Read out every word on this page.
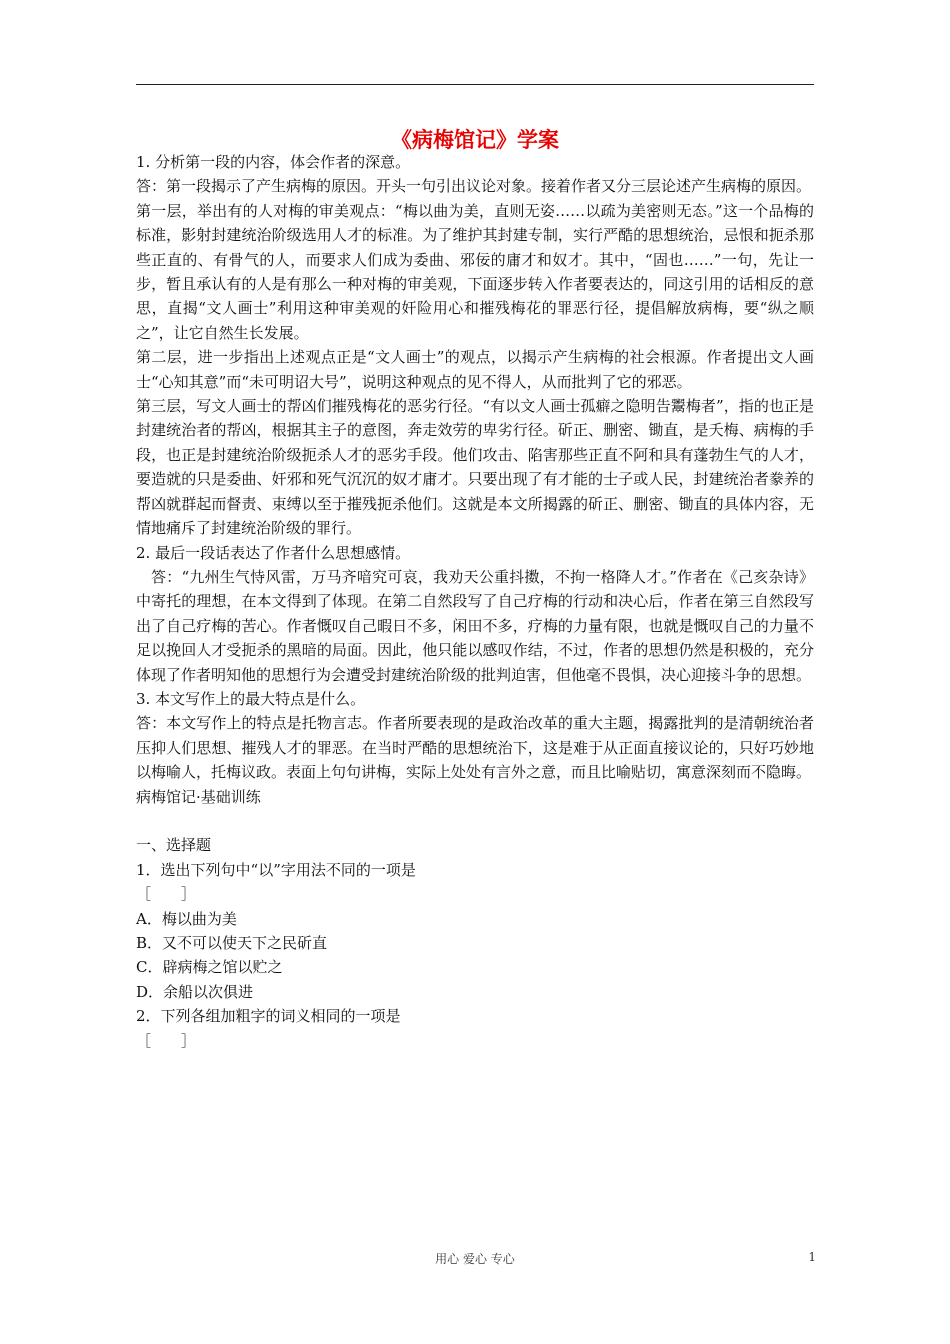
《病梅馆记》学案

1. 分析第一段的内容，体会作者的深意。

答：第一段揭示了产生病梅的原因。开头一句引出议论对象。接着作者又分三层论述产生病梅的原因。

第一层，举出有的人对梅的审美观点：“梅以曲为美，直则无姿……以疏为美密则无态。”这一个品梅的标准，影射封建统治阶级选用人才的标准。为了维护其封建专制，实行严酷的思想统治，忌恨和扼杀那些正直的、有骨气的人，而要求人们成为委曲、邪佞的庸才和奴才。其中，“固也……”一句，先让一步，暂且承认有的人是有那么一种对梅的审美观，下面逐步转入作者要表达的，同这引用的话相反的意思，直揭“文人画士”利用这种审美观的奸险用心和摧残梅花的罪恶行径，提倡解放病梅，要“纵之顺之”，让它自然生长发展。

第二层，进一步指出上述观点正是“文人画士”的观点，以揭示产生病梅的社会根源。作者提出文人画士“心知其意”而“未可明诏大号”，说明这种观点的见不得人，从而批判了它的邪恶。

第三层，写文人画士的帮凶们摧残梅花的恶劣行径。“有以文人画士孤癖之隐明告鬻梅者”，指的也正是封建统治者的帮凶，根据其主子的意图，奔走效劳的卑劣行径。斫正、删密、锄直，是夭梅、病梅的手段，也正是封建统治阶级扼杀人才的恶劣手段。他们攻击、陷害那些正直不阿和具有蓬勃生气的人才，要造就的只是委曲、奸邪和死气沉沉的奴才庸才。只要出现了有才能的士子或人民，封建统治者豢养的帮凶就群起而督责、束缚以至于摧残扼杀他们。这就是本文所揭露的斫正、删密、锄直的具体内容，无情地痛斥了封建统治阶级的罪行。

2. 最后一段话表达了作者什么思想感情。

答：“九州生气恃风雷，万马齐喑究可哀，我劝天公重抖擞，不拘一格降人才。”作者在《己亥杂诗》中寄托的理想，在本文得到了体现。在第二自然段写了自己疗梅的行动和决心后，作者在第三自然段写出了自己疗梅的苦心。作者慨叹自己暇日不多，闲田不多，疗梅的力量有限，也就是慨叹自己的力量不足以挽回人才受扼杀的黑暗的局面。因此，他只能以感叹作结，不过，作者的思想仍然是积极的，充分体现了作者明知他的思想行为会遭受封建统治阶级的批判迫害，但他毫不畏惧，决心迎接斗争的思想。

3. 本文写作上的最大特点是什么。

答：本文写作上的特点是托物言志。作者所要表现的是政治改革的重大主题，揭露批判的是清朝统治者压抑人们思想、摧残人才的罪恶。在当时严酷的思想统治下，这是难于从正面直接议论的，只好巧妙地以梅喻人，托梅议政。表面上句句讲梅，实际上处处有言外之意，而且比喻贴切，寓意深刻而不隐晦。

病梅馆记·基础训练

一、选择题

1．选出下列句中“以”字用法不同的一项是

［　　］

A．梅以曲为美

B．又不可以使天下之民斫直

C．辟病梅之馆以贮之

D．余船以次俱进

2．下列各组加粗字的词义相同的一项是

［　　］

用心 爱心 专心	1
